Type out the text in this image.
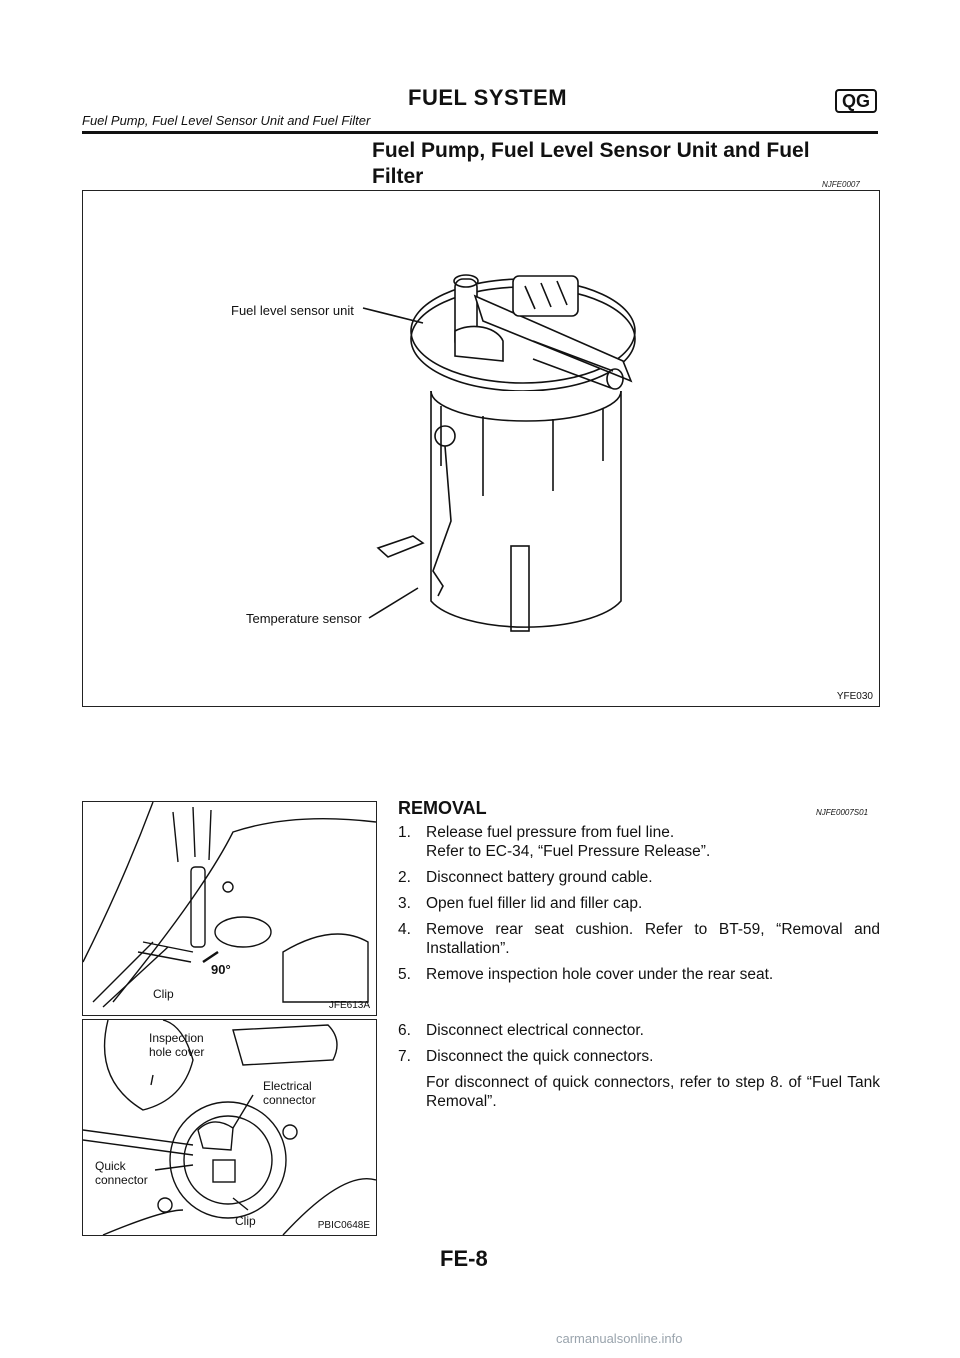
FUEL SYSTEM	QG
Fuel Pump, Fuel Level Sensor Unit and Fuel Filter
Fuel Pump, Fuel Level Sensor Unit and Fuel Filter	NJFE0007
Fuel level sensor unit
Temperature sensor
YFE030
90°
Clip
JFE613A
Inspection
hole cover
Electrical
connector
Quick
connector
Clip	PBIC0648E
REMOVAL	NJFE0007S01
1. Release fuel pressure from fuel line.
Refer to EC-34, “Fuel Pressure Release”.
2. Disconnect battery ground cable.
3. Open fuel filler lid and filler cap.
4. Remove rear seat cushion. Refer to BT-59, “Removal and Installation”.
5. Remove inspection hole cover under the rear seat.
6. Disconnect electrical connector.
7. Disconnect the quick connectors.
For disconnect of quick connectors, refer to step 8. of “Fuel Tank Removal”.
FE-8
carmanualsonline.info
